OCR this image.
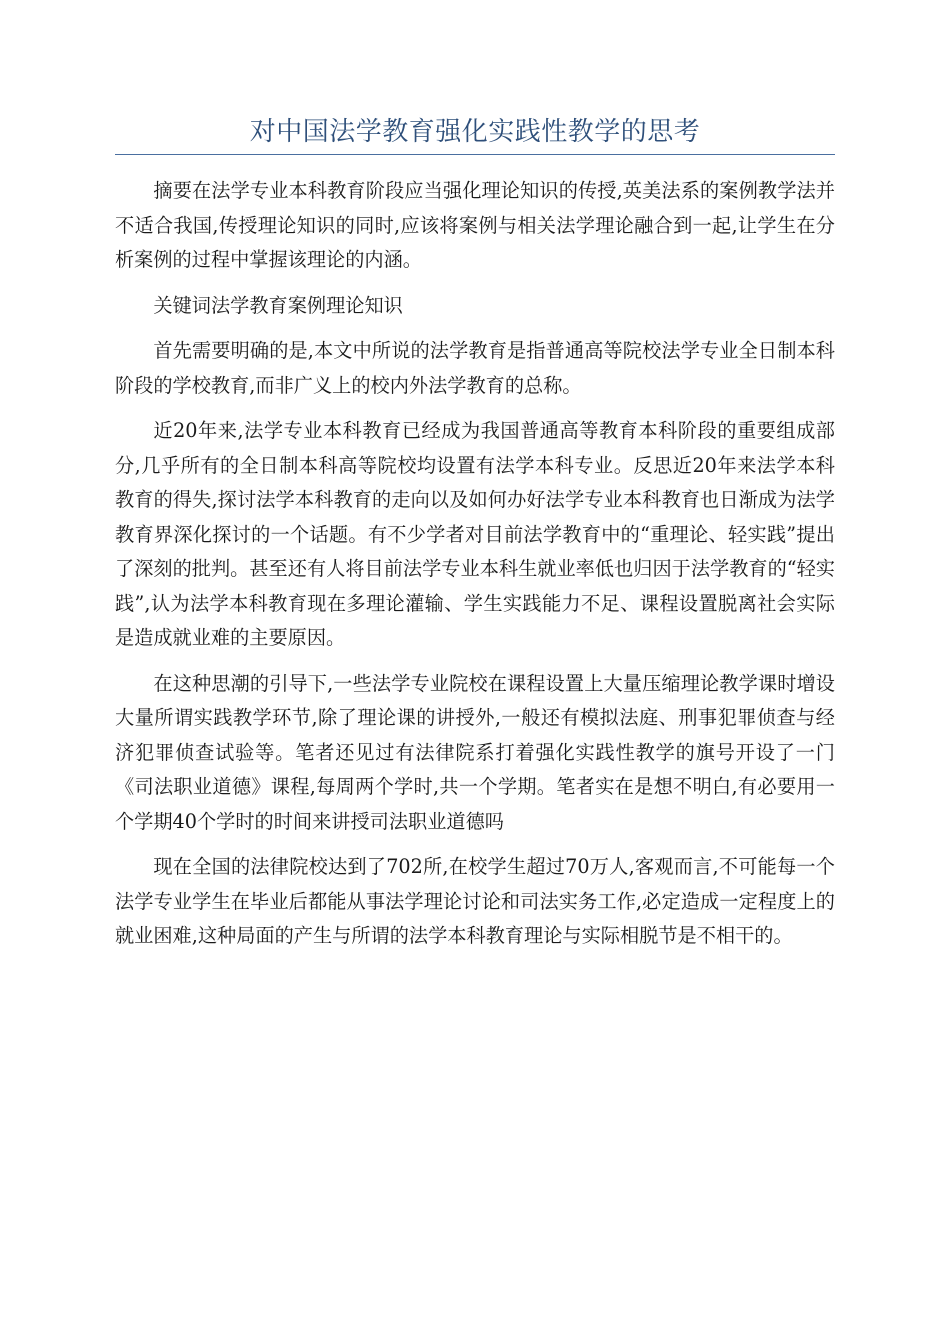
对中国法学教育强化实践性教学的思考

摘要在法学专业本科教育阶段应当强化理论知识的传授,英美法系的案例教学法并不适合我国,传授理论知识的同时,应该将案例与相关法学理论融合到一起,让学生在分析案例的过程中掌握该理论的内涵。

关键词法学教育案例理论知识

首先需要明确的是,本文中所说的法学教育是指普通高等院校法学专业全日制本科阶段的学校教育,而非广义上的校内外法学教育的总称。

近20年来,法学专业本科教育已经成为我国普通高等教育本科阶段的重要组成部分,几乎所有的全日制本科高等院校均设置有法学本科专业。反思近20年来法学本科教育的得失,探讨法学本科教育的走向以及如何办好法学专业本科教育也日渐成为法学教育界深化探讨的一个话题。有不少学者对目前法学教育中的“重理论、轻实践”提出了深刻的批判。甚至还有人将目前法学专业本科生就业率低也归因于法学教育的“轻实践”,认为法学本科教育现在多理论灌输、学生实践能力不足、课程设置脱离社会实际是造成就业难的主要原因。

在这种思潮的引导下,一些法学专业院校在课程设置上大量压缩理论教学课时增设大量所谓实践教学环节,除了理论课的讲授外,一般还有模拟法庭、刑事犯罪侦查与经济犯罪侦查试验等。笔者还见过有法律院系打着强化实践性教学的旗号开设了一门《司法职业道德》课程,每周两个学时,共一个学期。笔者实在是想不明白,有必要用一个学期40个学时的时间来讲授司法职业道德吗

现在全国的法律院校达到了702所,在校学生超过70万人,客观而言,不可能每一个法学专业学生在毕业后都能从事法学理论讨论和司法实务工作,必定造成一定程度上的就业困难,这种局面的产生与所谓的法学本科教育理论与实际相脱节是不相干的。
